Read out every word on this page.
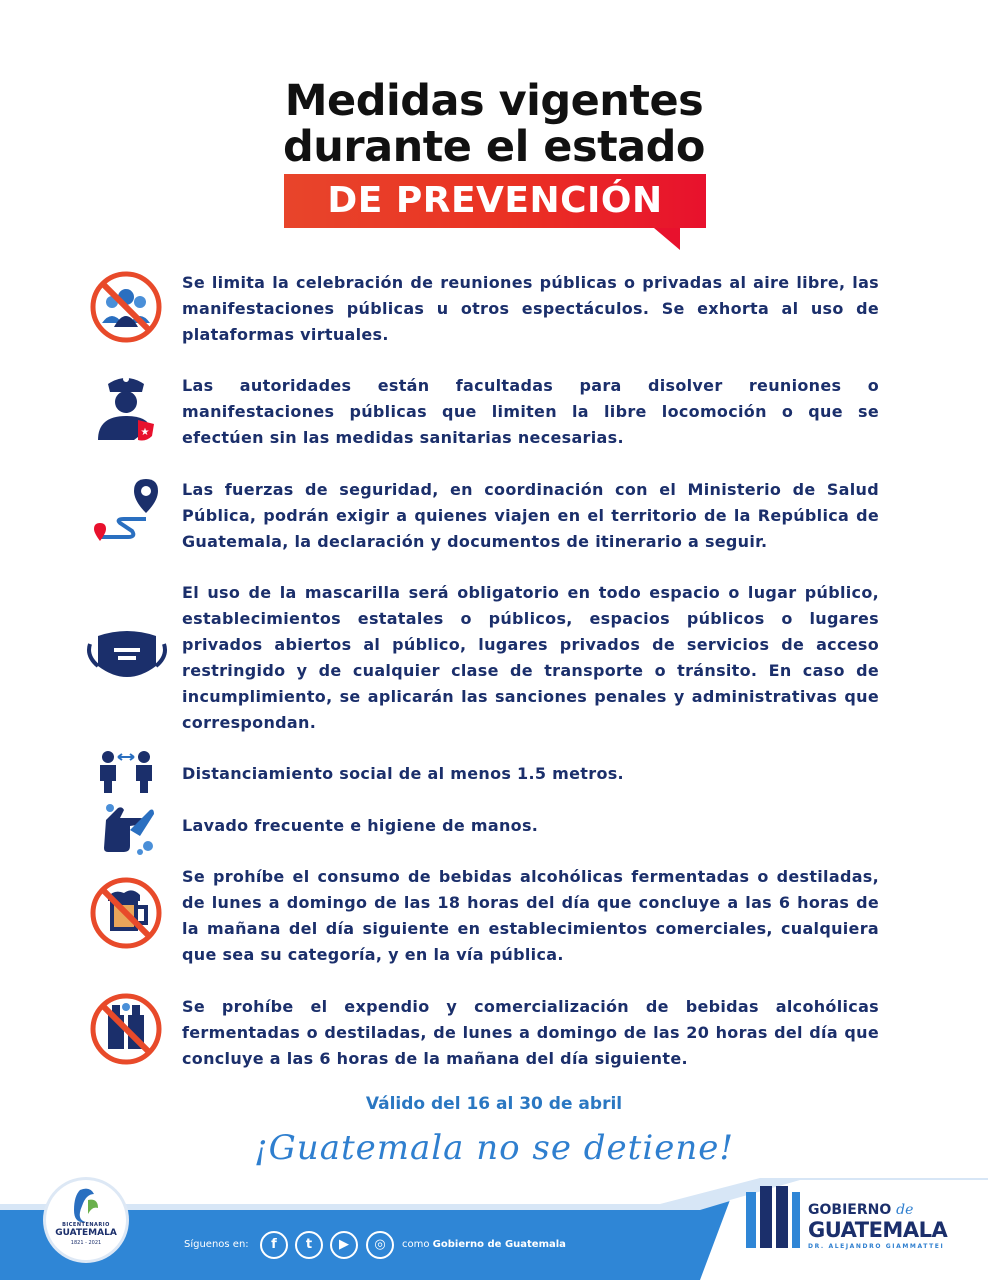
Medidas vigentes
durante el estado
DE PREVENCIÓN
★
Se limita la celebración de reuniones públicas o privadas al aire libre, las manifestaciones públicas u otros espectáculos. Se exhorta al uso de plataformas virtuales.
Las autoridades están facultadas para disolver reuniones o manifestaciones públicas que limiten la libre locomoción o que se efectúen sin las medidas sanitarias necesarias.
Las fuerzas de seguridad, en coordinación con el Ministerio de Salud Pública, podrán exigir a quienes viajen en el territorio de la República de Guatemala, la declaración y documentos de itinerario a seguir.
El uso de la mascarilla será obligatorio en todo espacio o lugar público, establecimientos estatales o públicos, espacios públicos o lugares privados abiertos al público, lugares privados de servicios de acceso restringido y de cualquier clase de transporte o tránsito. En caso de incumplimiento, se aplicarán las sanciones penales y administrativas que correspondan.
Distanciamiento social de al menos 1.5 metros.
Lavado frecuente e higiene de manos.
Se prohíbe el consumo de bebidas alcohólicas fermentadas o destiladas, de lunes a domingo de las 18 horas del día que concluye a las 6 horas de la mañana del día siguiente en establecimientos comerciales, cualquiera que sea su categoría, y en la vía pública.
Se prohíbe el expendio y comercialización de bebidas alcohólicas fermentadas o destiladas, de lunes a domingo de las 20 horas del día que concluye a las 6 horas de la mañana del día siguiente.
Válido del 16 al 30 de abril
¡Guatemala no se detiene!
BICENTENARIO
GUATEMALA
1821 - 2021	Síguenos en:	f	t	▶	◎	como Gobierno de Guatemala
GOBIERNO de
GUATEMALA
DR. ALEJANDRO GIAMMATTEI
